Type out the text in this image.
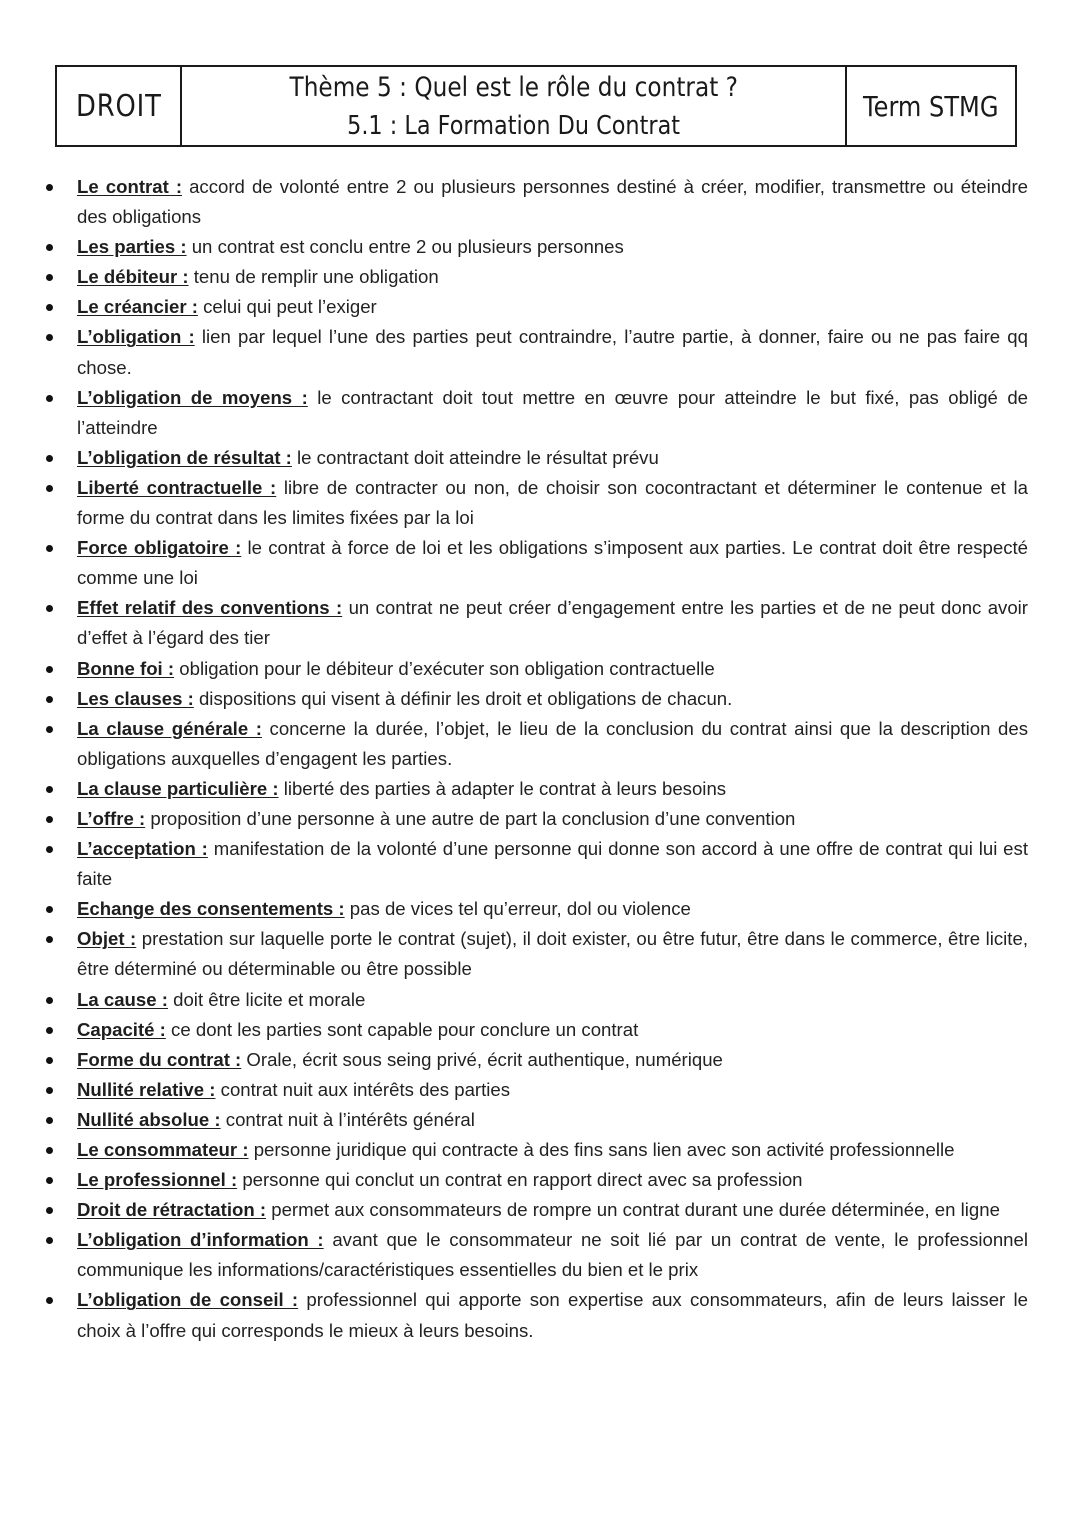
DROIT
Thème 5 : Quel est le rôle du contrat ?
5.1 : La Formation Du Contrat
Term STMG
Le contrat : accord de volonté entre 2 ou plusieurs personnes destiné à créer, modifier, transmettre ou éteindre des obligations
Les parties : un contrat est conclu entre 2 ou plusieurs personnes
Le débiteur : tenu de remplir une obligation
Le créancier : celui qui peut l’exiger
L’obligation : lien par lequel l’une des parties peut contraindre, l’autre partie, à donner, faire ou ne pas faire qq chose.
L’obligation de moyens : le contractant doit tout mettre en œuvre pour atteindre le but fixé, pas obligé de l’atteindre
L’obligation de résultat : le contractant doit atteindre le résultat prévu
Liberté contractuelle : libre de contracter ou non, de choisir son cocontractant et déterminer le contenue et la forme du contrat dans les limites fixées par la loi
Force obligatoire : le contrat à force de loi et les obligations s’imposent aux parties. Le contrat doit être respecté comme une loi
Effet relatif des conventions : un contrat ne peut créer d’engagement entre les parties et de ne peut donc avoir d’effet à l’égard des tier
Bonne foi : obligation pour le débiteur d’exécuter son obligation contractuelle
Les clauses : dispositions qui visent à définir les droit et obligations de chacun.
La clause générale : concerne la durée, l’objet, le lieu de la conclusion du contrat ainsi que la description des obligations auxquelles d’engagent les parties.
La clause particulière : liberté des parties à adapter le contrat à leurs besoins
L’offre : proposition d’une personne à une autre de part la conclusion d’une convention
L’acceptation : manifestation de la volonté d’une personne qui donne son accord à une offre de contrat qui lui est faite
Echange des consentements : pas de vices tel qu’erreur, dol ou violence
Objet : prestation sur laquelle porte le contrat (sujet), il doit exister, ou être futur, être dans le commerce, être licite, être déterminé ou déterminable ou être possible
La cause : doit être licite et morale
Capacité : ce dont les parties sont capable pour conclure un contrat
Forme du contrat : Orale, écrit sous seing privé, écrit authentique, numérique
Nullité relative : contrat nuit aux intérêts des parties
Nullité absolue : contrat nuit à l’intérêts général
Le consommateur : personne juridique qui contracte à des fins sans lien avec son activité professionnelle
Le professionnel : personne qui conclut un contrat en rapport direct avec sa profession
Droit de rétractation : permet aux consommateurs de rompre un contrat durant une durée déterminée, en ligne
L’obligation d’information : avant que le consommateur ne soit lié par un contrat de vente, le professionnel communique les informations/caractéristiques essentielles du bien et le prix
L’obligation de conseil : professionnel qui apporte son expertise aux consommateurs, afin de leurs laisser le choix à l’offre qui corresponds le mieux à leurs besoins.
